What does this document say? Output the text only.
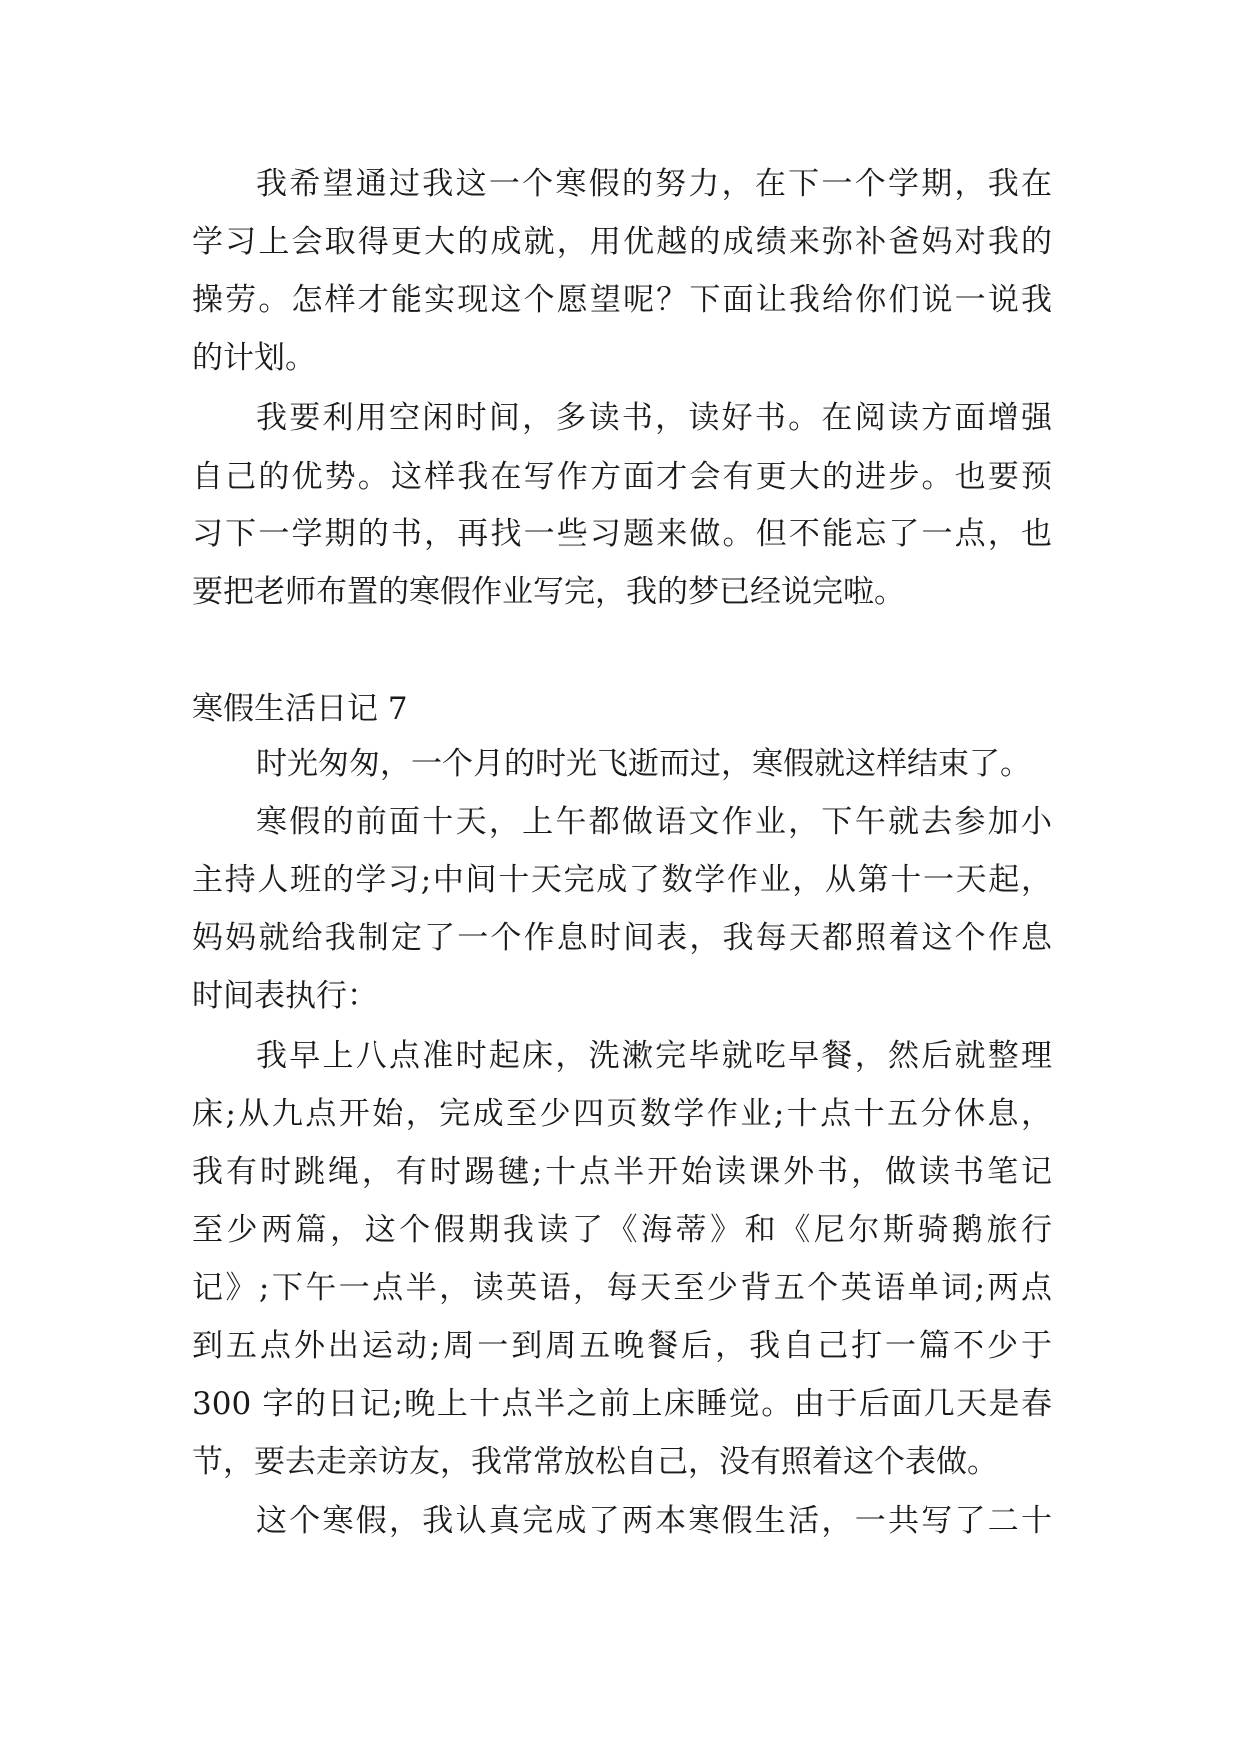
我希望通过我这一个寒假的努力，在下一个学期，我在
学习上会取得更大的成就，用优越的成绩来弥补爸妈对我的
操劳。怎样才能实现这个愿望呢？下面让我给你们说一说我
的计划。
我要利用空闲时间，多读书，读好书。在阅读方面增强
自己的优势。这样我在写作方面才会有更大的进步。也要预
习下一学期的书，再找一些习题来做。但不能忘了一点，也
要把老师布置的寒假作业写完，我的梦已经说完啦。
寒假生活日记 7
时光匆匆，一个月的时光飞逝而过，寒假就这样结束了。
寒假的前面十天，上午都做语文作业，下午就去参加小
主持人班的学习;中间十天完成了数学作业，从第十一天起，
妈妈就给我制定了一个作息时间表，我每天都照着这个作息
时间表执行：
我早上八点准时起床，洗漱完毕就吃早餐，然后就整理
床;从九点开始，完成至少四页数学作业;十点十五分休息，
我有时跳绳，有时踢毽;十点半开始读课外书，做读书笔记
至少两篇，这个假期我读了《海蒂》和《尼尔斯骑鹅旅行
记》;下午一点半，读英语，每天至少背五个英语单词;两点
到五点外出运动;周一到周五晚餐后，我自己打一篇不少于
300 字的日记;晚上十点半之前上床睡觉。由于后面几天是春
节，要去走亲访友，我常常放松自己，没有照着这个表做。
这个寒假，我认真完成了两本寒假生活，一共写了二十
